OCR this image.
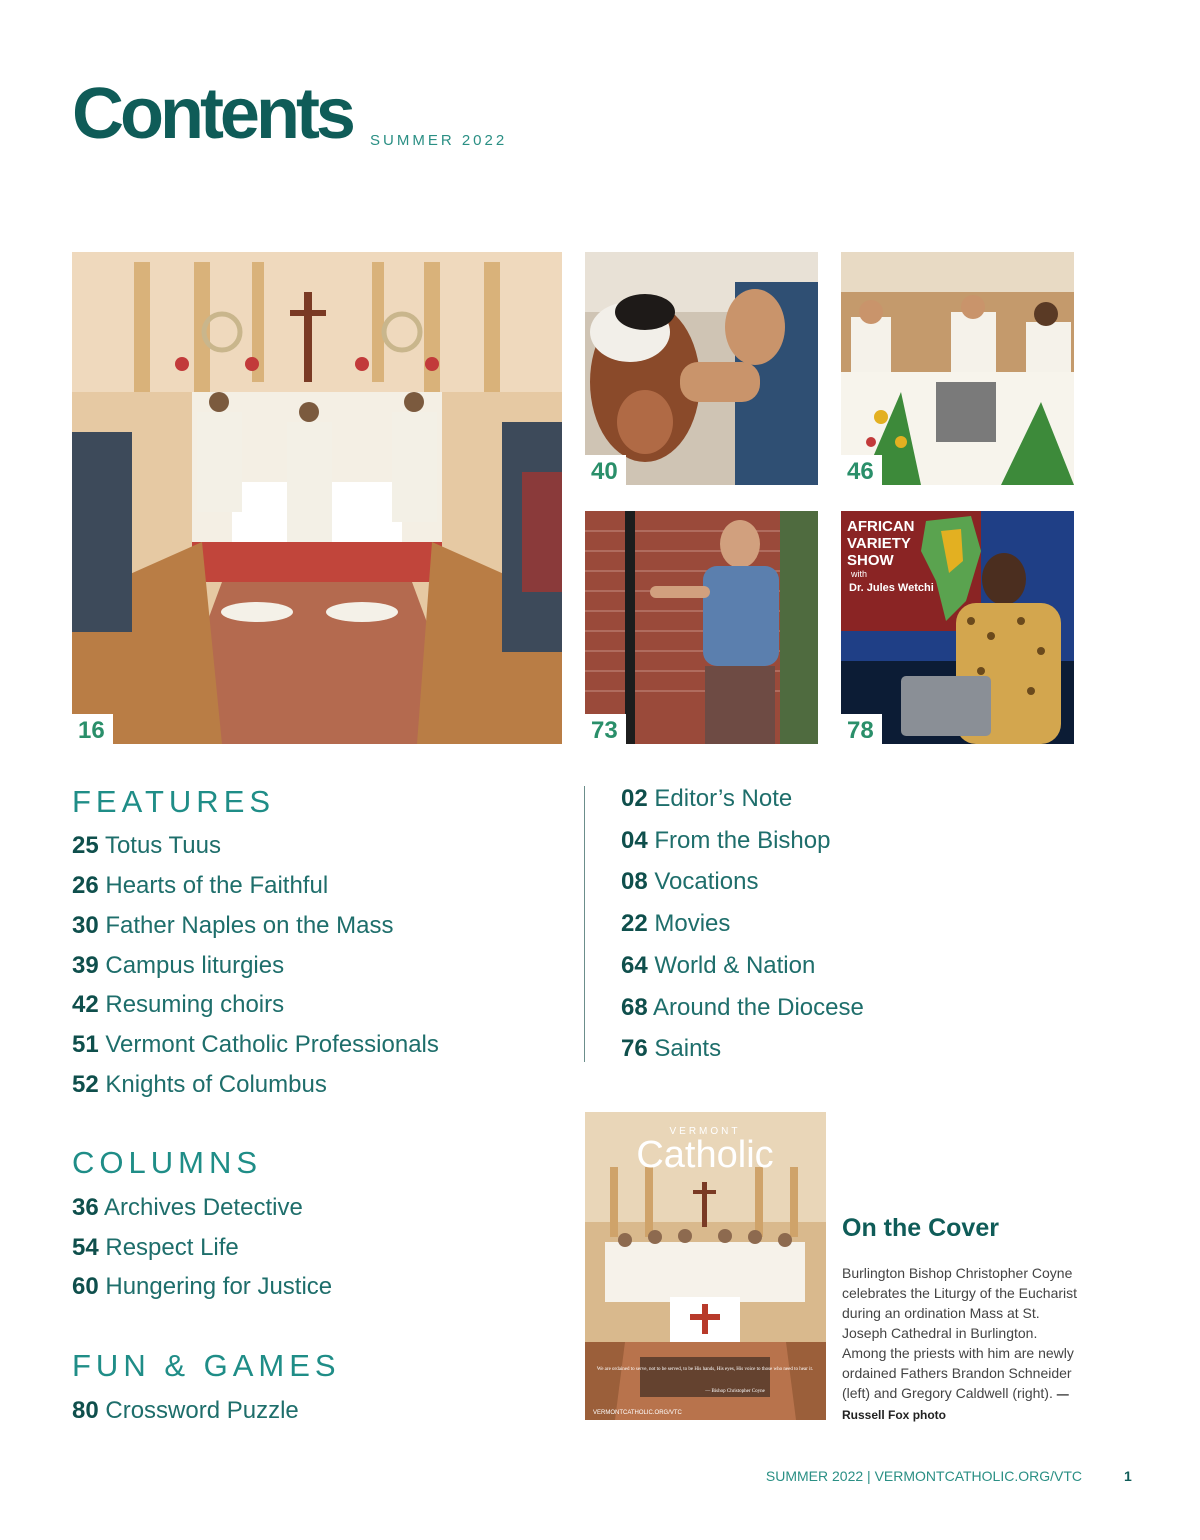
Contents SUMMER 2022
16
40	46
73
AFRICAN
VARIETY
SHOW
with
Dr. Jules Wetchi
78
FEATURES
25 Totus Tuus
26 Hearts of the Faithful
30 Father Naples on the Mass
39 Campus liturgies
42 Resuming choirs
51 Vermont Catholic Professionals
52 Knights of Columbus
COLUMNS
36 Archives Detective
54 Respect Life
60 Hungering for Justice
FUN & GAMES
80 Crossword Puzzle
02 Editor’s Note
04 From the Bishop
08 Vocations
22 Movies
64 World & Nation
68 Around the Diocese
76 Saints
VERMONT
Catholic
We are ordained to serve, not to be served, to be His hands, His eyes, His voice to those who need to hear it.
— Bishop Christopher Coyne
VERMONTCATHOLIC.ORG/VTC
On the Cover
Burlington Bishop Christopher Coyne celebrates the Liturgy of the Eucharist during an ordination Mass at St. Joseph Cathedral in Burlington. Among the priests with him are newly ordained Fathers Brandon Schneider (left) and Gregory Caldwell (right). — Russell Fox photo
SUMMER 2022 | VERMONTCATHOLIC.ORG/VTC	1
